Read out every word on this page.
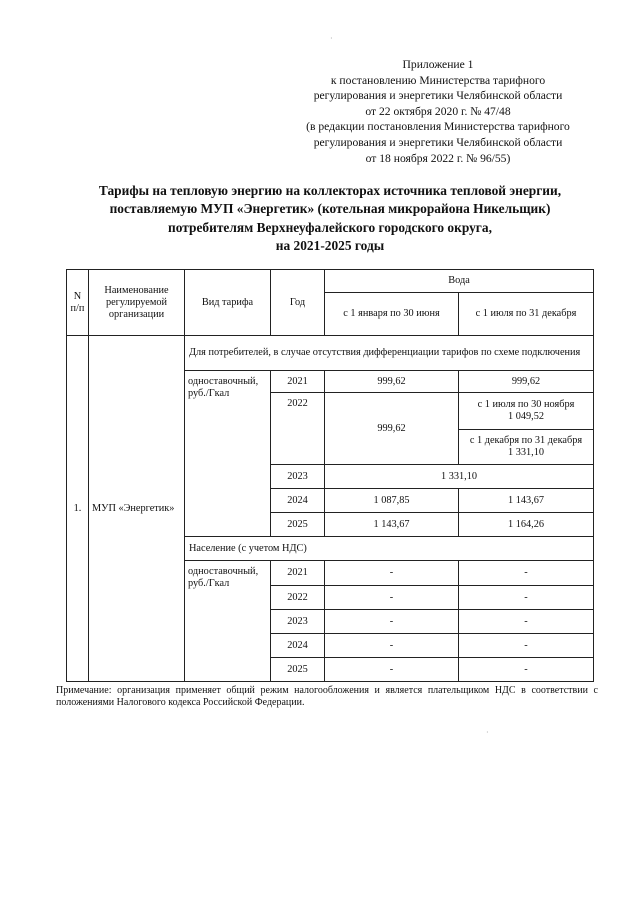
Приложение 1
к постановлению Министерства тарифного
регулирования и энергетики Челябинской области
от 22 октября 2020 г. № 47/48
(в редакции постановления Министерства тарифного
регулирования и энергетики Челябинской области
от 18 ноября 2022 г. № 96/55)
Тарифы на тепловую энергию на коллекторах источника тепловой энергии,
поставляемую МУП «Энергетик» (котельная микрорайона Никельщик)
потребителям Верхнеуфалейского городского округа,
на 2021-2025 годы
N п/п	Наименование регулируемой организации	Вид тарифа	Год	Вода	
				с 1 января по 30 июня	с 1 июля по 31 декабря
1.	МУП «Энергетик»	Для потребителей, в случае отсутствия дифференциации тарифов по схеме подключения			
		одноставочный, руб./Гкал	2021	999,62	999,62
			2022	999,62	с 1 июля по 30 ноября
1 049,52

					с 1 декабря по 31 декабря
1 331,10

			2023	1 331,10	
			2024	1 087,85	1 143,67
			2025	1 143,67	1 164,26
		Население (с учетом НДС)			
		одноставочный, руб./Гкал	2021	-	-
			2022	-	-
			2023	-	-
			2024	-	-
			2025	-	-
Примечание: организация применяет общий режим налогообложения и является плательщиком НДС в соответствии с положениями Налогового кодекса Российской Федерации.
·
·
